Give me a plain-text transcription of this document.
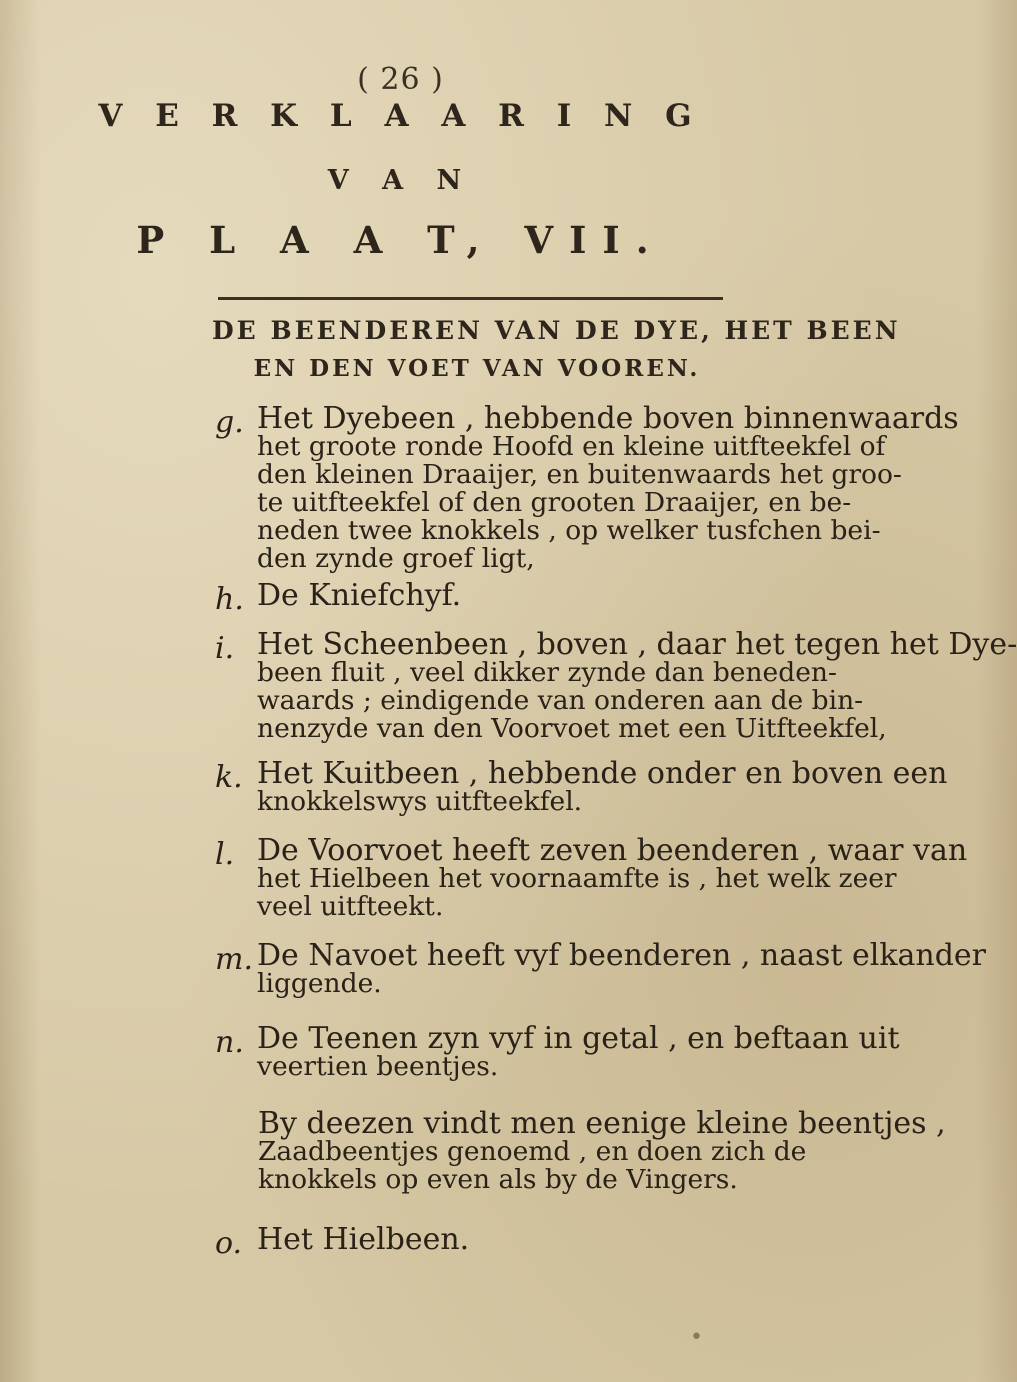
( 26 )
V E R K L A A R I N G
V A N
P L A A T, VII.
DE BEENDEREN VAN DE DYE, HET BEEN
EN DEN VOET VAN VOOREN.
g. Het Dyebeen , hebbende boven binnenwaards
het groote ronde Hoofd en kleine uitfteekfel of
den kleinen Draaijer, en buitenwaards het groo-
te uitfteekfel of den grooten Draaijer, en be-
neden twee knokkels , op welker tusfchen bei-
den zynde groef ligt,
h. De Kniefchyf.
i. Het Scheenbeen , boven , daar het tegen het Dye-
been fluit , veel dikker zynde dan beneden-
waards ; eindigende van onderen aan de bin-
nenzyde van den Voorvoet met een Uitfteekfel,
k. Het Kuitbeen , hebbende onder en boven een
knokkelswys uitfteekfel.
l. De Voorvoet heeft zeven beenderen , waar van
het Hielbeen het voornaamfte is , het welk zeer
veel uitfteekt.
m. De Navoet heeft vyf beenderen , naast elkander
liggende.
n. De Teenen zyn vyf in getal , en beftaan uit
veertien beentjes.
By deezen vindt men eenige kleine beentjes ,
Zaadbeentjes genoemd , en doen zich de
knokkels op even als by de Vingers.
o. Het Hielbeen.
•
